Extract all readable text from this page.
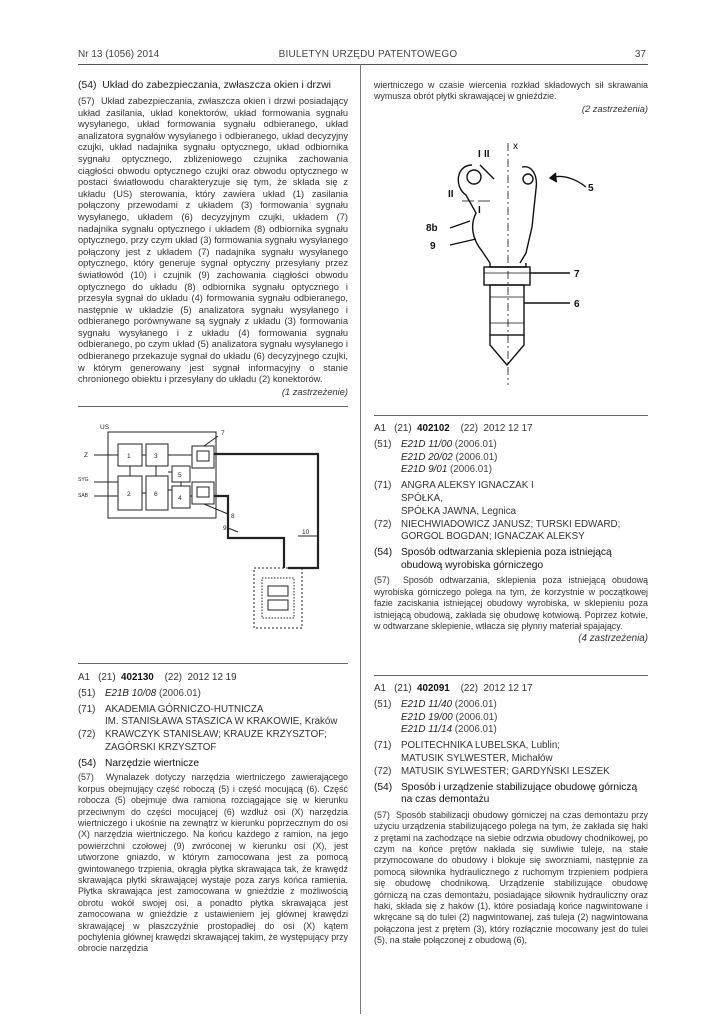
Nr 13 (1056) 2014	BIULETYN URZĘDU PATENTOWEGO	37
(54) Układ do zabezpieczania, zwłaszcza okien i drzwi
(57) Układ zabezpieczania, zwłaszcza okien i drzwi posiadający układ zasilania, układ konektorów, układ formowania sygnału wysyłanego, układ formowania sygnału odbieranego, układ analizatora sygnałów wysyłanego i odbieranego, układ decyzyjny czujki, układ nadajnika sygnału optycznego, układ odbiornika sygnału optycznego, zbliżeniowego czujnika zachowania ciągłości obwodu optycznego czujki oraz obwodu optycznego w postaci światłowodu charakteryzuje się tym, że składa się z układu (US) sterowania, który zawiera układ (1) zasilania połączony przewodami z układem (3) formowania sygnału wysyłanego, układem (6) decyzyjnym czujki, układem (7) nadajnika sygnału optycznego i układem (8) odbiornika sygnału optycznego, przy czym układ (3) formowania sygnału wysyłanego połączony jest z układem (7) nadajnika sygnału wysyłanego optycznego, który generuje sygnał optyczny przesyłany przez światłowód (10) i czujnik (9) zachowania ciągłości obwodu optycznego do układu (8) odbiornika sygnału optycznego i przesyła sygnał do układu (4) formowania sygnału odbieranego, następnie w układzie (5) analizatora sygnału wysyłanego i odbieranego porównywane są sygnały z układu (3) formowania sygnału wysyłanego i z układu (4) formowania sygnału odbieranego, po czym układ (5) analizatora sygnału wysyłanego i odbieranego przekazuje sygnał do układu (6) decyzyjnego czujki, w którym generowany jest sygnał informacyjny o stanie chronionego obiektu i przesyłany do układu (2) konektorów.
(1 zastrzeżenie)
US
Z
SYG
SAB
1	3
2	6
5
4
7
8
9
10
A1 (21) 402130 (22) 2012 12 19
(51) E21B 10/08 (2006.01)
(71) AKADEMIA GÓRNICZO-HUTNICZA
IM. STANISŁAWA STASZICA W KRAKOWIE, Kraków
(72) KRAWCZYK STANISŁAW; KRAUZE KRZYSZTOF;
ZAGÓRSKI KRZYSZTOF
(54) Narzędzie wiertnicze
(57) Wynalazek dotyczy narzędzia wiertniczego zawierającego korpus obejmujący część roboczą (5) i część mocującą (6). Część robocza (5) obejmuje dwa ramiona rozciągające się w kierunku przeciwnym do części mocującej (6) wzdłuż osi (X) narzędzia wiertniczego i ukośnie na zewnątrz w kierunku poprzecznym do osi (X) narzędzia wiertniczego. Na końcu każdego z ramion, na jego powierzchni czołowej (9) zwróconej w kierunku osi (X), jest utworzone gniazdo, w którym zamocowana jest za pomocą gwintowanego trzpienia, okrągła płytka skrawająca tak, że krawędź skrawająca płytki skrawającej wystaje poza zarys końca ramienia. Płytka skrawająca jest zamocowana w gnieździe z możliwością obrotu wokół swojej osi, a ponadto płytka skrawająca jest zamocowana w gnieździe z ustawieniem jej głównej krawędzi skrawającej w płaszczyźnie prostopadłej do osi (X) kątem pochylenia głównej krawędzi skrawającej takim, że występujący przy obrocie narzędzia
wiertniczego w czasie wiercenia rozkład składowych sił skrawania wymusza obrót płytki skrawającej w gnieździe.
(2 zastrzeżenia)
x
I II
II
I
5
8b
9
7
6
A1 (21) 402102 (22) 2012 12 17
(51) E21D 11/00 (2006.01)
E21D 20/02 (2006.01)
E21D 9/01 (2006.01)
(71) ANGRA ALEKSY IGNACZAK I
SPÓŁKA,
SPÓŁKA JAWNA, Legnica
(72) NIECHWIADOWICZ JANUSZ; TURSKI EDWARD;
GORGOL BOGDAN; IGNACZAK ALEKSY
(54) Sposób odtwarzania sklepienia poza istniejącą obudową wyrobiska górniczego
(57) Sposób odtwarzania, sklepienia poza istniejącą obudową wyrobiska górniczego polega na tym, że korzystnie w początkowej fazie zaciskania istniejącej obudowy wyrobiska, w sklepieniu poza istniejącą obudową, zakłada się obudowę kotwiową. Poprzez kotwie, w odtwarzane sklepienie, wtłacza się płynny materiał spajający.
(4 zastrzeżenia)
A1 (21) 402091 (22) 2012 12 17
(51) E21D 11/40 (2006.01)
E21D 19/00 (2006.01)
E21D 11/14 (2006.01)
(71) POLITECHNIKA LUBELSKA, Lublin;
MATUSIK SYLWESTER, Michałów
(72) MATUSIK SYLWESTER; GARDYŃSKI LESZEK
(54) Sposób i urządzenie stabilizujące obudowę górniczą na czas demontażu
(57) Sposób stabilizacji obudowy górniczej na czas demontażu przy użyciu urządzenia stabilizującego polega na tym, że zakłada się haki z prętami na zachodzące na siebie odrzwia obudowy chodnikowej, po czym na końce prętów nakłada się suwliwie tuleje, na stałe przymocowane do obudowy i blokuje się sworzniami, następnie za pomocą siłownika hydraulicznego z ruchomym trzpieniem podpiera się obudowę chodnikową. Urządzenie stabilizujące obudowę górniczą na czas demontażu, posiadające siłownik hydrauliczny oraz haki, składa się z haków (1), które posiadają końce nagwintowane i wkręcane są do tulei (2) nagwintowanej, zaś tuleja (2) nagwintowana połączona jest z prętem (3), który rozłącznie mocowany jest do tulei (5), na stałe połączonej z obudową (6),
